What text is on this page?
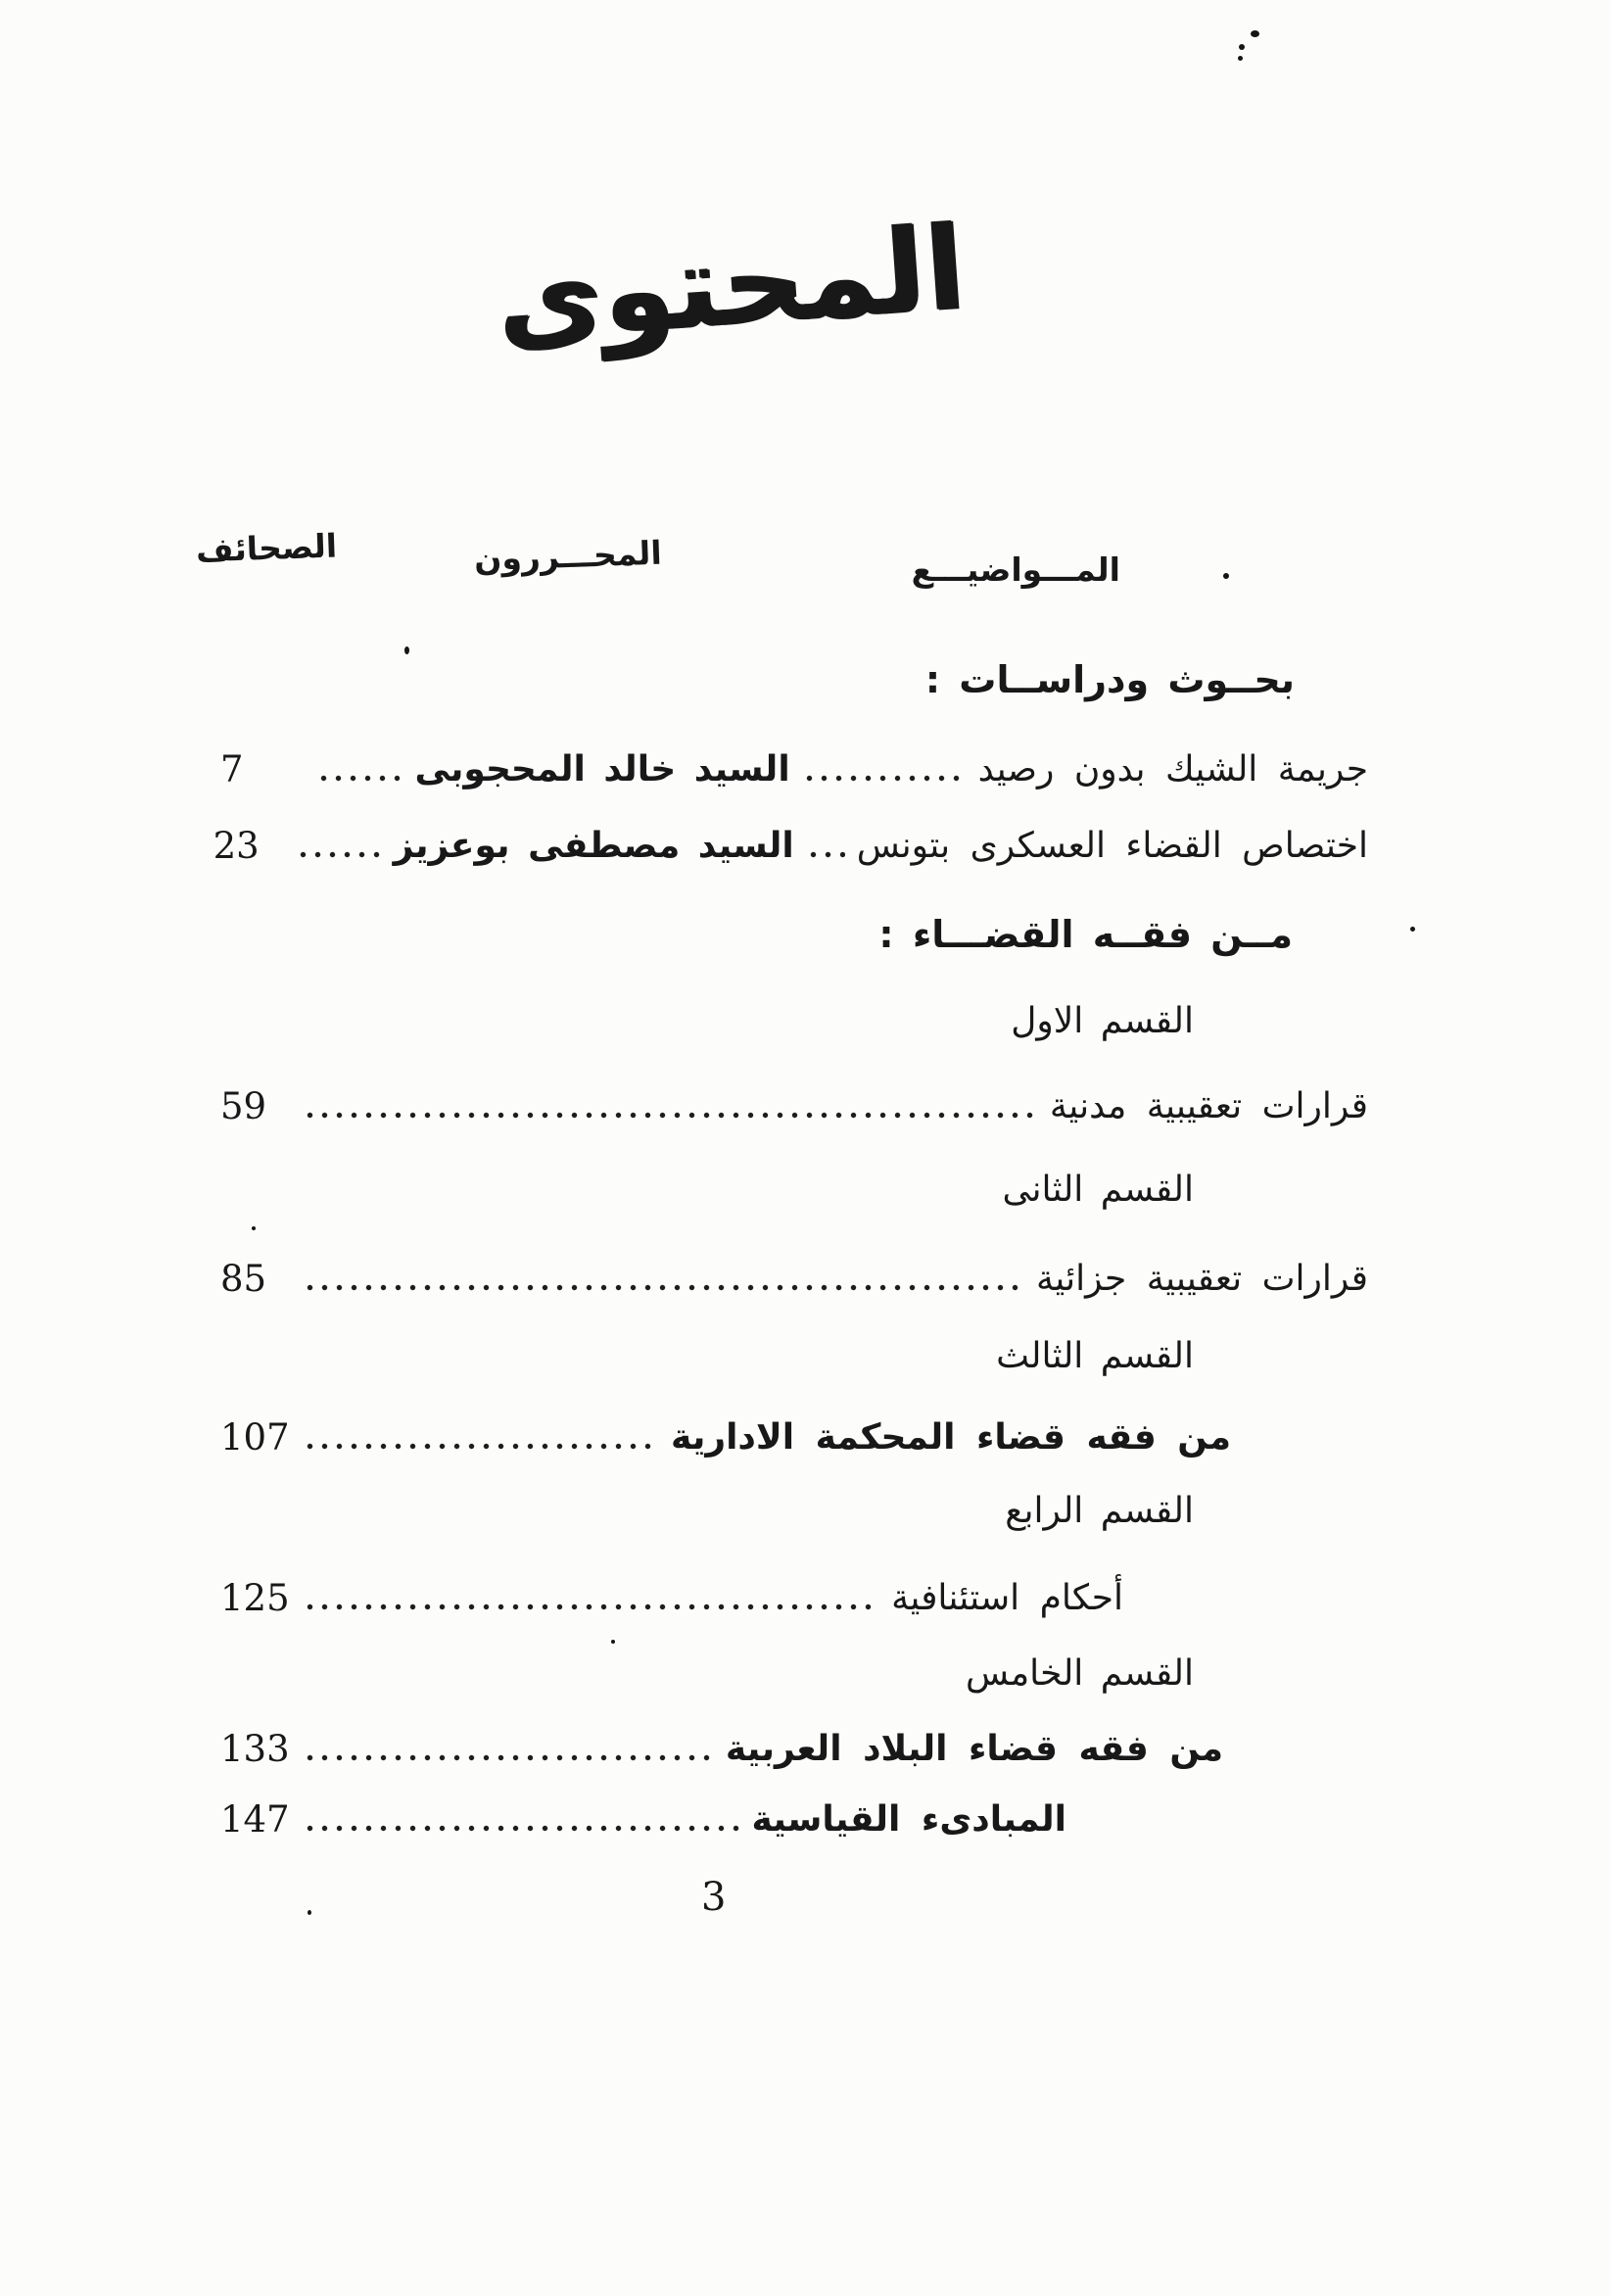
المحتوى
الصحائف	المحـــررون	المـــواضيـــع
بحــوث ودراســات :
جريمة الشيك بدون رصيد
السيد خالد المحجوبى
7
اختصاص القضاء العسكرى بتونس
السيد مصطفى بوعزيز
23
مــن فقــه القضـــاء :
القسم الاول
قرارات تعقيبية مدنية
59
القسم الثانى
قرارات تعقيبية جزائية
85
القسم الثالث
من فقه قضاء المحكمة الادارية
107
القسم الرابع
أحكام استئنافية
125
القسم الخامس
من فقه قضاء البلاد العربية
133
المبادىء القياسية
147
3
